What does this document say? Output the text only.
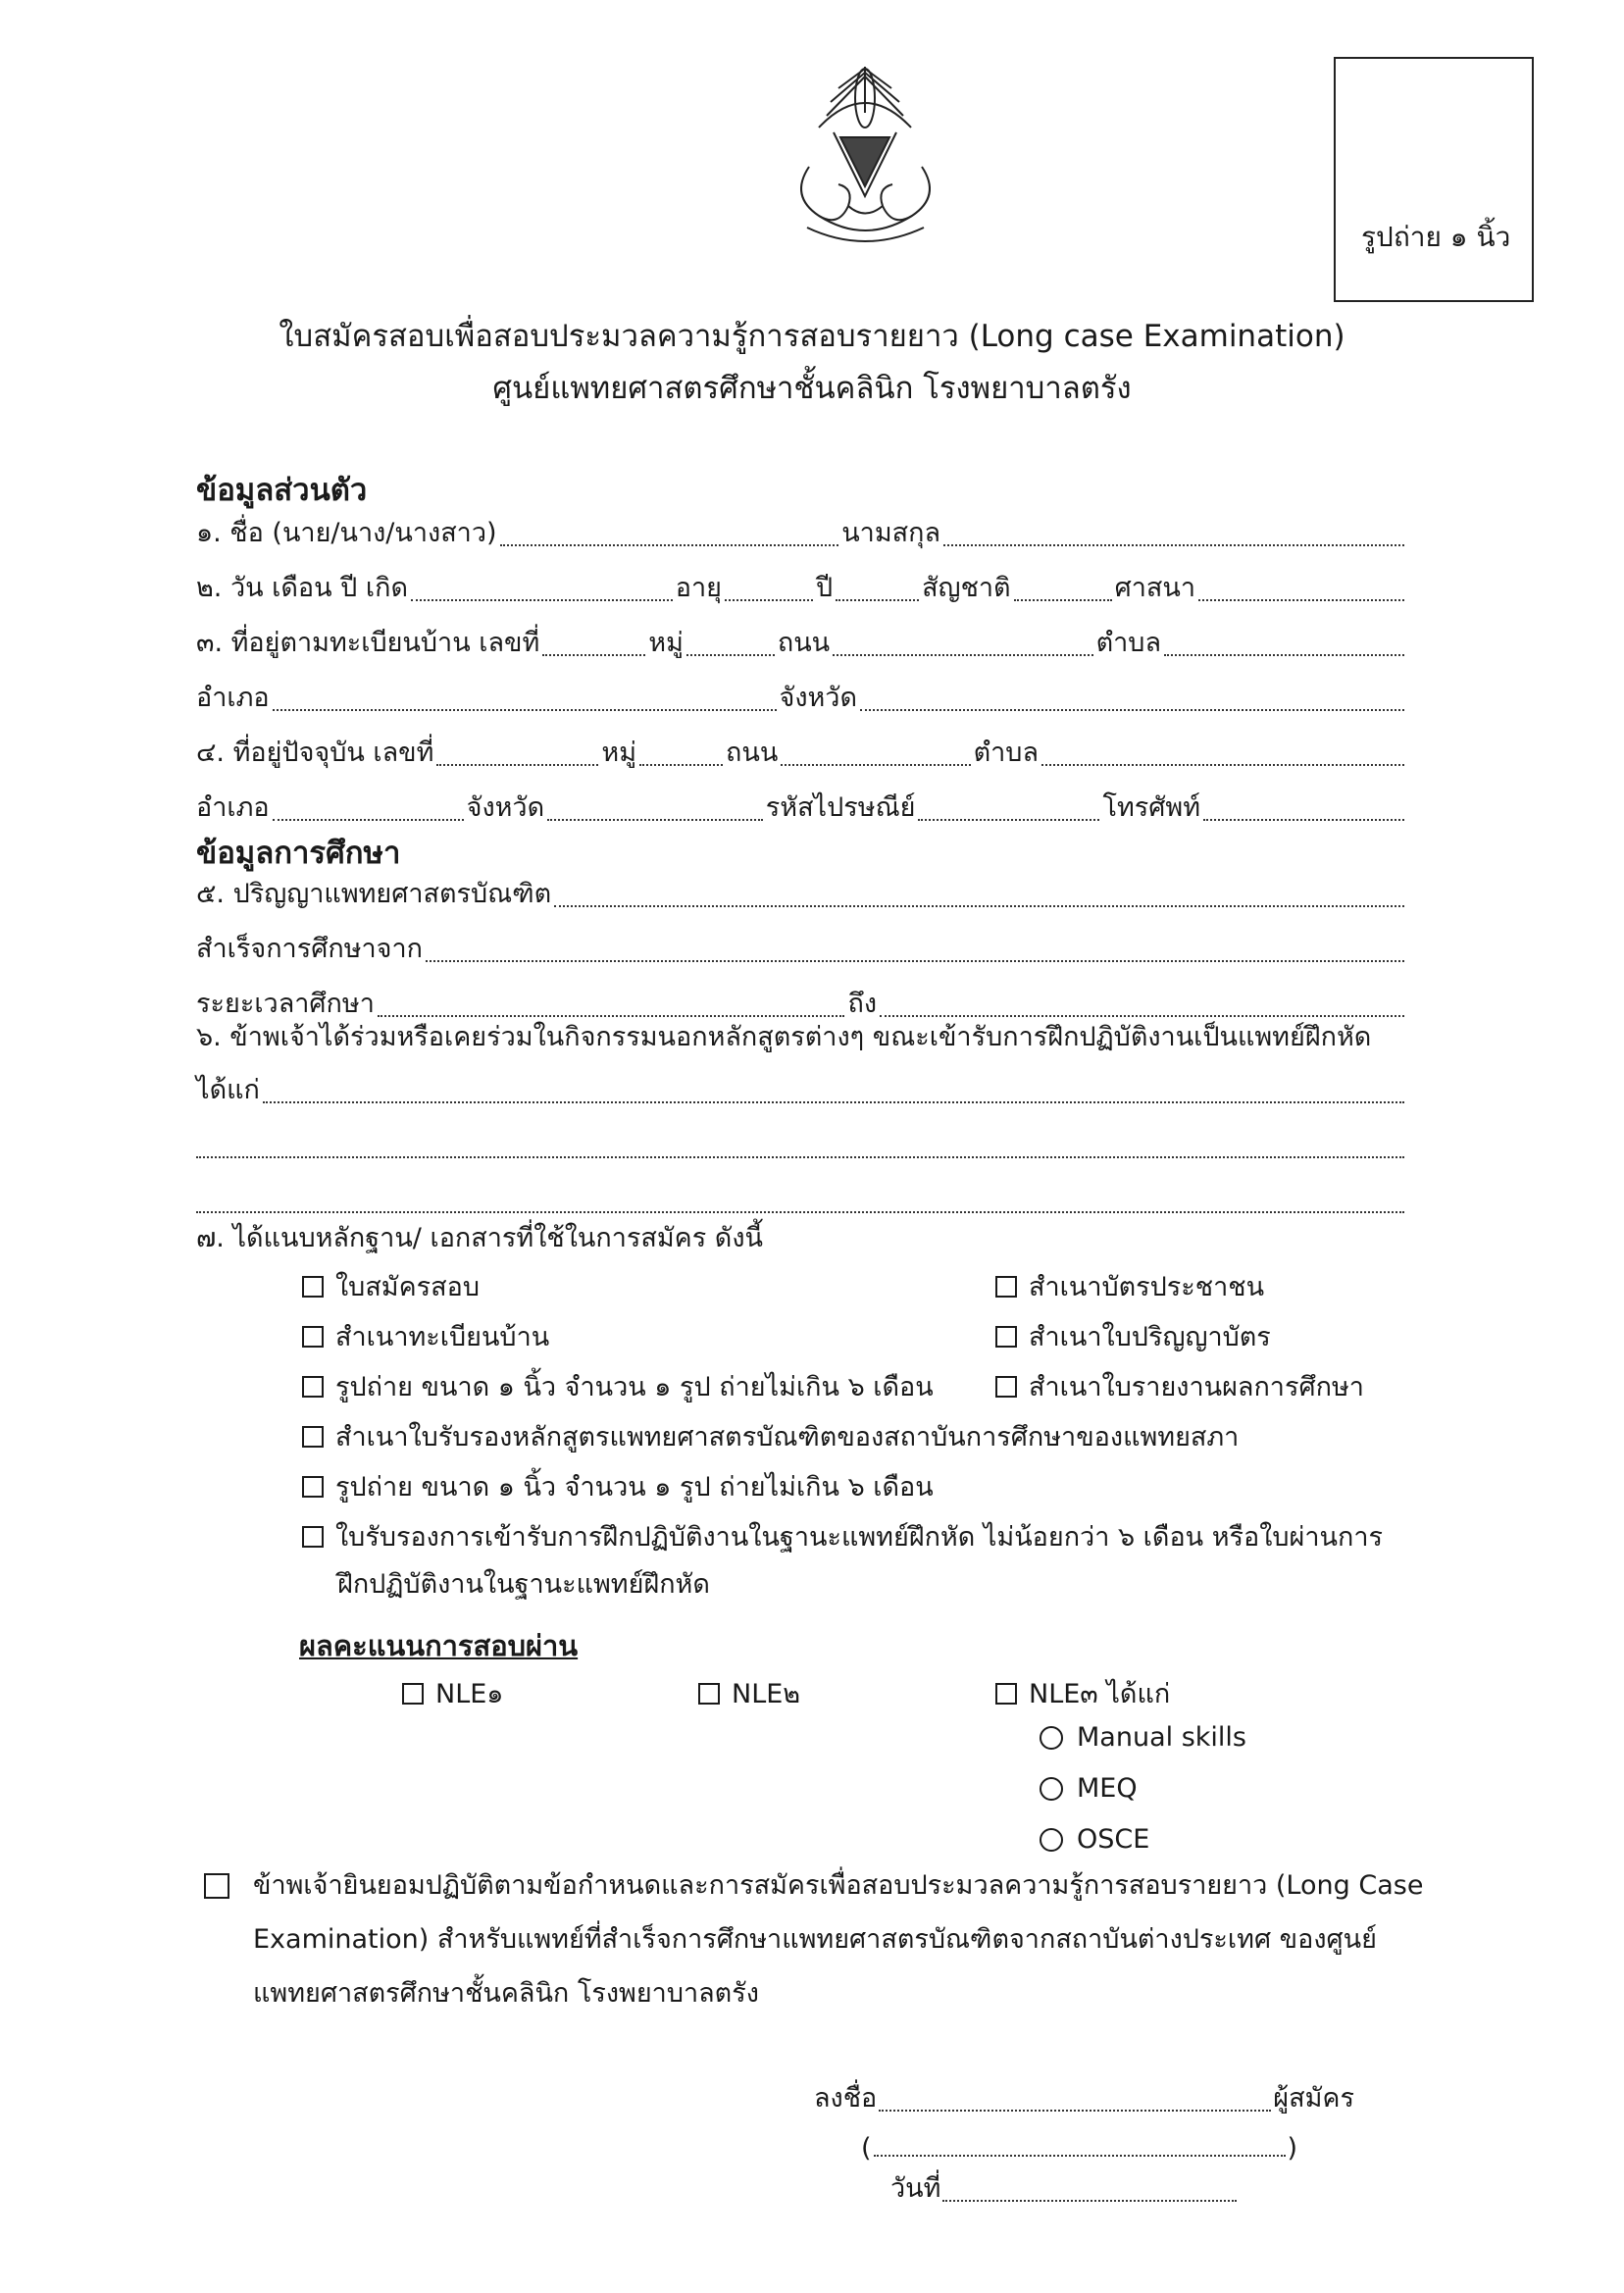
รูปถ่าย ๑ นิ้ว
ใบสมัครสอบเพื่อสอบประมวลความรู้การสอบรายยาว (Long case Examination)
ศูนย์แพทยศาสตรศึกษาชั้นคลินิก โรงพยาบาลตรัง
ข้อมูลส่วนตัว
๑. ชื่อ (นาย/นาง/นางสาว)	นามสกุล
๒. วัน เดือน ปี เกิด	อายุ	ปี	สัญชาติ	ศาสนา
๓. ที่อยู่ตามทะเบียนบ้าน เลขที่	หมู่	ถนน	ตำบล
อำเภอ	จังหวัด
๔. ที่อยู่ปัจจุบัน เลขที่	หมู่	ถนน	ตำบล
อำเภอ	จังหวัด	รหัสไปรษณีย์	โทรศัพท์
ข้อมูลการศึกษา
๕. ปริญญาแพทยศาสตรบัณฑิต
สำเร็จการศึกษาจาก
ระยะเวลาศึกษา	ถึง
๖. ข้าพเจ้าได้ร่วมหรือเคยร่วมในกิจกรรมนอกหลักสูตรต่างๆ ขณะเข้ารับการฝึกปฏิบัติงานเป็นแพทย์ฝึกหัด
ได้แก่
๗. ได้แนบหลักฐาน/ เอกสารที่ใช้ในการสมัคร ดังนี้
ใบสมัครสอบ
สำเนาทะเบียนบ้าน
รูปถ่าย ขนาด ๑ นิ้ว จำนวน ๑ รูป ถ่ายไม่เกิน ๖ เดือน
สำเนาใบรับรองหลักสูตรแพทยศาสตรบัณฑิตของสถาบันการศึกษาของแพทยสภา
รูปถ่าย ขนาด ๑ นิ้ว จำนวน ๑ รูป ถ่ายไม่เกิน ๖ เดือน
ใบรับรองการเข้ารับการฝึกปฏิบัติงานในฐานะแพทย์ฝึกหัด ไม่น้อยกว่า ๖ เดือน หรือใบผ่านการ
ฝึกปฏิบัติงานในฐานะแพทย์ฝึกหัด
สำเนาบัตรประชาชน
สำเนาใบปริญญาบัตร
สำเนาใบรายงานผลการศึกษา
ผลคะแนนการสอบผ่าน
NLE๑	NLE๒	NLE๓ ได้แก่
Manual skills
MEQ
OSCE
ข้าพเจ้ายินยอมปฏิบัติตามข้อกำหนดและการสมัครเพื่อสอบประมวลความรู้การสอบรายยาว (Long Case
Examination) สำหรับแพทย์ที่สำเร็จการศึกษาแพทยศาสตรบัณฑิตจากสถาบันต่างประเทศ ของศูนย์
แพทยศาสตรศึกษาชั้นคลินิก โรงพยาบาลตรัง
ลงชื่อ	ผู้สมัคร
(	)
วันที่
